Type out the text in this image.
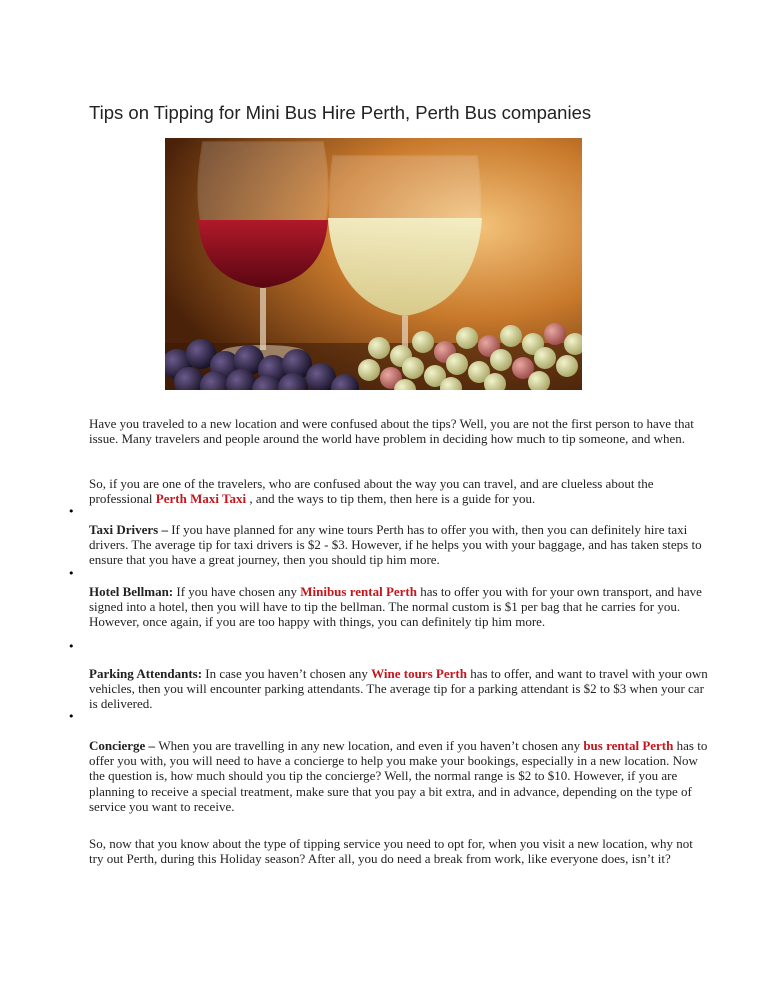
Tips on Tipping for Mini Bus Hire Perth, Perth Bus companies

Have you traveled to a new location and were confused about the tips? Well, you are not the first person to have that issue. Many travelers and people around the world have problem in deciding how much to tip someone, and when.

So, if you are one of the travelers, who are confused about the way you can travel, and are clueless about the professional Perth Maxi Taxi , and the ways to tip them, then here is a guide for you.

•

Taxi Drivers – If you have planned for any wine tours Perth has to offer you with, then you can definitely hire taxi drivers. The average tip for taxi drivers is $2 - $3. However, if he helps you with your baggage, and has taken steps to ensure that you have a great journey, then you should tip him more.

•

Hotel Bellman: If you have chosen any Minibus rental Perth has to offer you with for your own transport, and have signed into a hotel, then you will have to tip the bellman. The normal custom is $1 per bag that he carries for you. However, once again, if you are too happy with things, you can definitely tip him more.

•

Parking Attendants: In case you haven’t chosen any Wine tours Perth has to offer, and want to travel with your own vehicles, then you will encounter parking attendants. The average tip for a parking attendant is $2 to $3 when your car is delivered.

•

Concierge – When you are travelling in any new location, and even if you haven’t chosen any bus rental Perth has to offer you with, you will need to have a concierge to help you make your bookings, especially in a new location. Now the question is, how much should you tip the concierge? Well, the normal range is $2 to $10. However, if you are planning to receive a special treatment, make sure that you pay a bit extra, and in advance, depending on the type of service you want to receive.

So, now that you know about the type of tipping service you need to opt for, when you visit a new location, why not try out Perth, during this Holiday season? After all, you do need a break from work, like everyone does, isn’t it?
